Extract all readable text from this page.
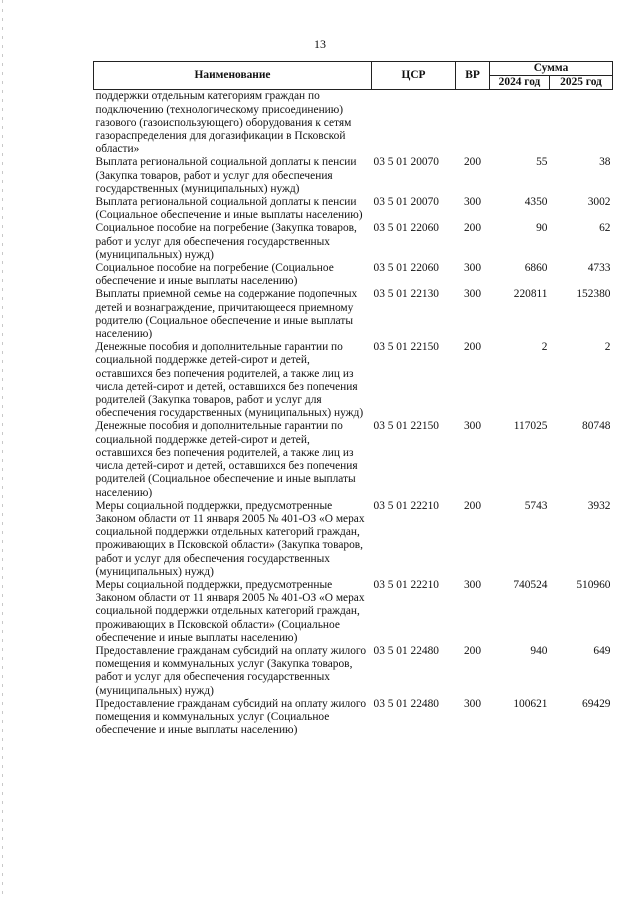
13
Наименование	ЦСР	ВР	Сумма	
			2024 год	2025 год
поддержки отдельным категориям граждан по подключению (технологическому присоединению) газового (газоиспользующего) оборудования к сетям газораспределения для догазификации в Псковской области»				
Выплата региональной социальной доплаты к пенсии (Закупка товаров, работ и услуг для обеспечения государственных (муниципальных) нужд)	03 5 01 20070	200	55	38
Выплата региональной социальной доплаты к пенсии (Социальное обеспечение и иные выплаты населению)	03 5 01 20070	300	4350	3002
Социальное пособие на погребение (Закупка товаров, работ и услуг для обеспечения государственных (муниципальных) нужд)	03 5 01 22060	200	90	62
Социальное пособие на погребение (Социальное обеспечение и иные выплаты населению)	03 5 01 22060	300	6860	4733
Выплаты приемной семье на содержание подопечных детей и вознаграждение, причитающееся приемному родителю (Социальное обеспечение и иные выплаты населению)	03 5 01 22130	300	220811	152380
Денежные пособия и дополнительные гарантии по социальной поддержке детей-сирот и детей, оставшихся без попечения родителей, а также лиц из числа детей-сирот и детей, оставшихся без попечения родителей (Закупка товаров, работ и услуг для обеспечения государственных (муниципальных) нужд)	03 5 01 22150	200	2	2
Денежные пособия и дополнительные гарантии по социальной поддержке детей-сирот и детей, оставшихся без попечения родителей, а также лиц из числа детей-сирот и детей, оставшихся без попечения родителей (Социальное обеспечение и иные выплаты населению)	03 5 01 22150	300	117025	80748
Меры социальной поддержки, предусмотренные Законом области от 11 января 2005 № 401-ОЗ «О мерах социальной поддержки отдельных категорий граждан, проживающих в Псковской области» (Закупка товаров, работ и услуг для обеспечения государственных (муниципальных) нужд)	03 5 01 22210	200	5743	3932
Меры социальной поддержки, предусмотренные Законом области от 11 января 2005 № 401-ОЗ «О мерах социальной поддержки отдельных категорий граждан, проживающих в Псковской области» (Социальное обеспечение и иные выплаты населению)	03 5 01 22210	300	740524	510960
Предоставление гражданам субсидий на оплату жилого помещения и коммунальных услуг (Закупка товаров, работ и услуг для обеспечения государственных (муниципальных) нужд)	03 5 01 22480	200	940	649
Предоставление гражданам субсидий на оплату жилого помещения и коммунальных услуг (Социальное обеспечение и иные выплаты населению)	03 5 01 22480	300	100621	69429
